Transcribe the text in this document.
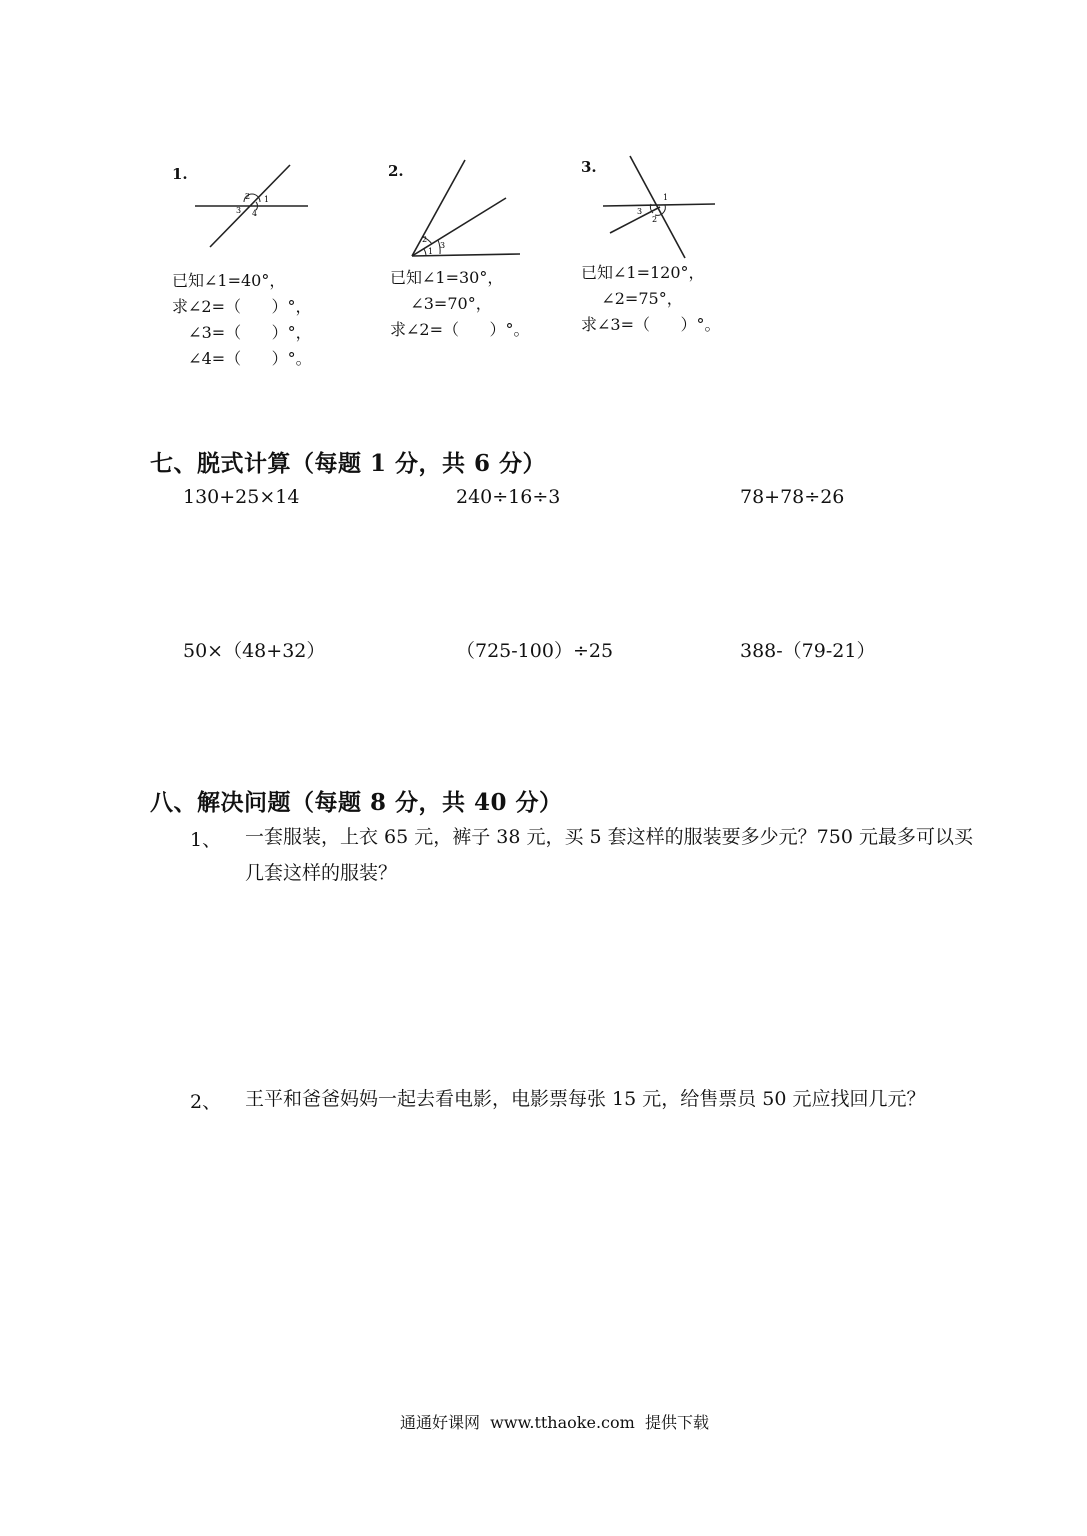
1.
1
2
3 4
已知∠1=40°，
求∠2=（      ）°，
∠3=（      ）°，
∠4=（      ）°。
2.
1
2
3
已知∠1=30°，
∠3=70°，
求∠2=（      ）°。
3.
1
2
3
已知∠1=120°，
∠2=75°，
求∠3=（      ）°。
七、脱式计算（每题 1 分，共 6 分）
130+25×14	240÷16÷3	78+78÷26
50×（48+32）	（725-100）÷25	388-（79-21）
八、解决问题（每题 8 分，共 40 分）
1、 一套服装，上衣 65 元，裤子 38 元，买 5 套这样的服装要多少元？750 元最多可以买几套这样的服装？
2、 王平和爸爸妈妈一起去看电影，电影票每张 15 元，给售票员 50 元应找回几元？
通通好课网  www.tthaoke.com  提供下载
